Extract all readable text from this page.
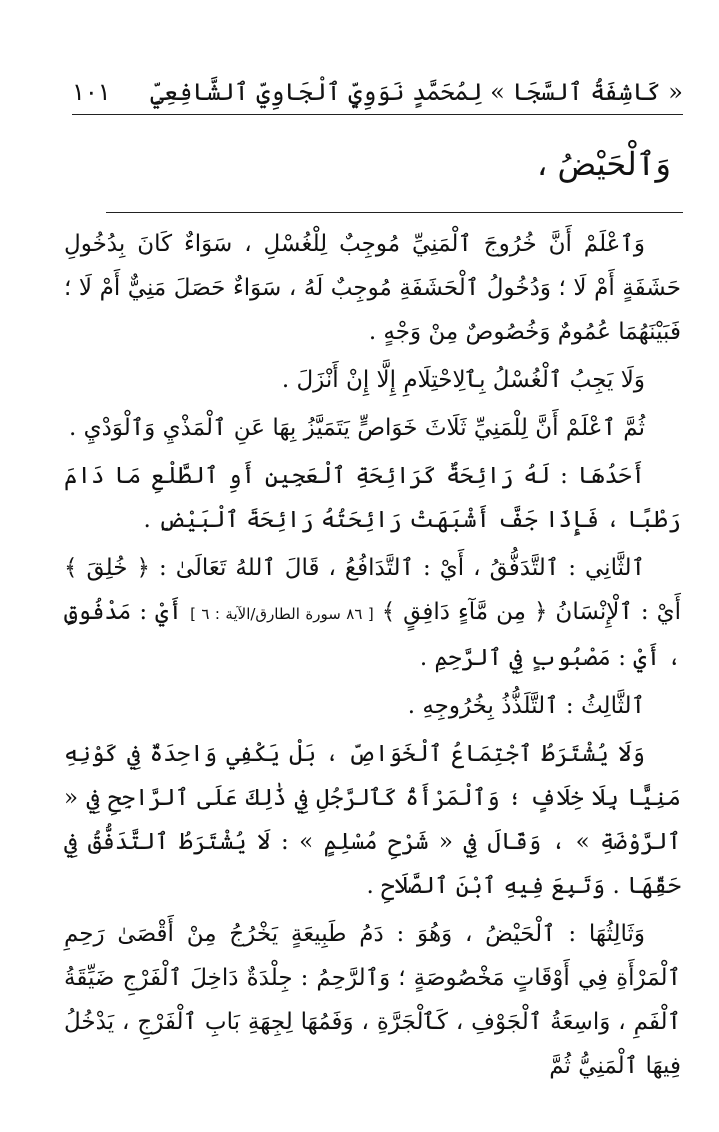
« كَاشِفَةُ ٱلسَّجَا » لِمُحَمَّدٍ نَوَوِيٍّ ٱلْجَاوِيِّ ٱلشَّافِعِيِّ
١٠١
وَٱلْحَيْضُ ،

وَٱعْلَمْ أَنَّ خُرُوجَ ٱلْمَنِيِّ مُوجِبٌ لِلْغُسْلِ ، سَوَاءٌ كَانَ بِدُخُولِ حَشَفَةٍ أَمْ لَا ؛ وَدُخُولُ ٱلْحَشَفَةِ مُوجِبٌ لَهُ ، سَوَاءٌ حَصَلَ مَنِيٌّ أَمْ لَا ؛ فَبَيْنَهُمَا عُمُومٌ وَخُصُوصٌ مِنْ وَجْهٍ .

وَلَا يَجِبُ ٱلْغُسْلُ بِٱلِاحْتِلَامِ إِلَّا إِنْ أَنْزَلَ .

ثُمَّ ٱعْلَمْ أَنَّ لِلْمَنِيِّ ثَلَاثَ خَوَاصٍّ يَتَمَيَّزُ بِهَا عَنِ ٱلْمَذْيِ وَٱلْوَدْيِ .

أَحَدُهَا : لَهُ رَائِحَةٌ كَرَائِحَةِ ٱلْعَجِينِ أَوِ ٱلطَّلْعِ مَا دَامَ رَطْبًا ، فَإِذَا جَفَّ أَشْبَهَتْ رَائِحَتُهُ رَائِحَةَ ٱلْبَيْضِ .

ٱلثَّانِي : ٱلتَّدَفُّقُ ، أَيْ : ٱلتَّدَافُعُ ، قَالَ ٱللهُ تَعَالَىٰ : ﴿ خُلِقَ ﴾ أَيْ : ٱلْإِنْسَانُ ﴿ مِن مَّآءٍ دَافِقٍ ﴾ [ ٨٦ سورة الطارق/الآية : ٦ ] أَيْ : مَدْفُوقٍ ، أَيْ : مَصْبُوبٍ فِي ٱلرَّحِمِ .

ٱلثَّالِثُ : ٱلتَّلَذُّذُ بِخُرُوجِهِ .

وَلَا يُشْتَرَطُ ٱجْتِمَاعُ ٱلْخَوَاصِّ ، بَلْ يَكْفِي وَاحِدَةٌ فِي كَوْنِهِ مَنِيًّا بِلَا خِلَافٍ ؛ وَٱلْمَرْأَةُ كَٱلرَّجُلِ فِي ذَٰلِكَ عَلَى ٱلرَّاجِحِ فِي « ٱلرَّوْضَةِ » ، وَقَالَ فِي « شَرْحِ مُسْلِمٍ » : لَا يُشْتَرَطُ ٱلتَّدَفُّقُ فِي حَقِّهَا . وَتَبِعَ فِيهِ ٱبْنَ ٱلصَّلَاحِ .

وَثَالِثُهَا : ٱلْحَيْضُ ، وَهُوَ : دَمُ طَبِيعَةٍ يَخْرُجُ مِنْ أَقْصَىٰ رَحِمِ ٱلْمَرْأَةِ فِي أَوْقَاتٍ مَخْصُوصَةٍ ؛ وَٱلرَّحِمُ : جِلْدَةٌ دَاخِلَ ٱلْفَرْجِ ضَيِّقَةُ ٱلْفَمِ ، وَاسِعَةُ ٱلْجَوْفِ ، كَٱلْجَرَّةِ ، وَفَمُهَا لِجِهَةِ بَابِ ٱلْفَرْجِ ، يَدْخُلُ فِيهَا ٱلْمَنِيُّ ثُمَّ
